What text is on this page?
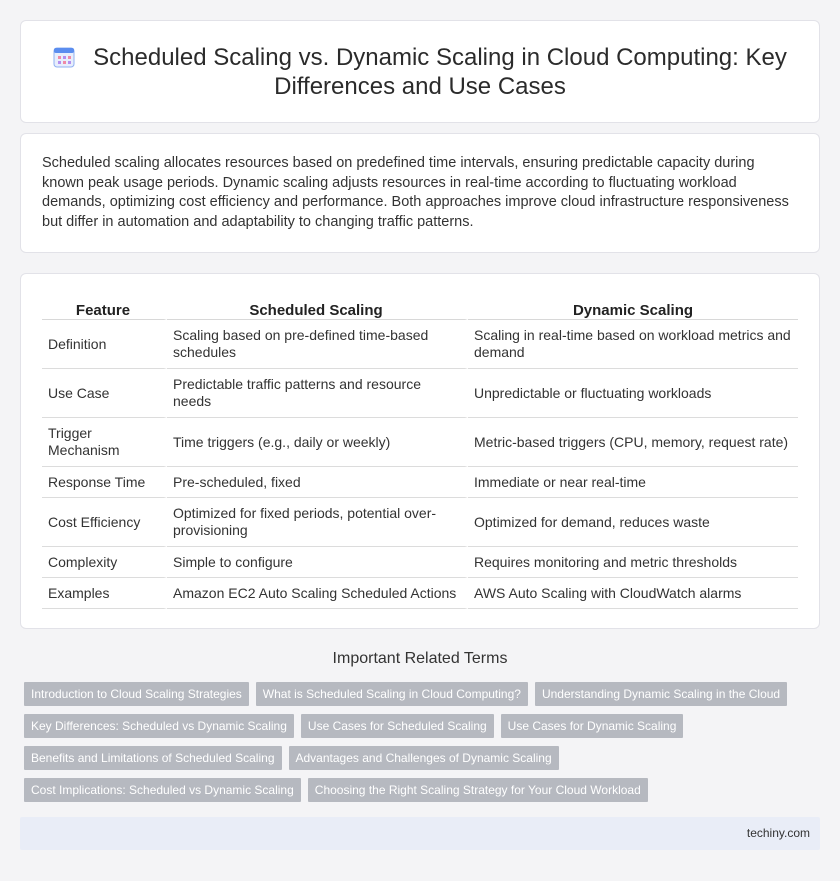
Scheduled Scaling vs. Dynamic Scaling in Cloud Computing: Key Differences and Use Cases

Scheduled scaling allocates resources based on predefined time intervals, ensuring predictable capacity during known peak usage periods. Dynamic scaling adjusts resources in real-time according to fluctuating workload demands, optimizing cost efficiency and performance. Both approaches improve cloud infrastructure responsiveness but differ in automation and adaptability to changing traffic patterns.

Feature	Scheduled Scaling	Dynamic Scaling
Definition	Scaling based on pre-defined time-based schedules	Scaling in real-time based on workload metrics and demand
Use Case	Predictable traffic patterns and resource needs	Unpredictable or fluctuating workloads
Trigger Mechanism	Time triggers (e.g., daily or weekly)	Metric-based triggers (CPU, memory, request rate)
Response Time	Pre-scheduled, fixed	Immediate or near real-time
Cost Efficiency	Optimized for fixed periods, potential over-provisioning	Optimized for demand, reduces waste
Complexity	Simple to configure	Requires monitoring and metric thresholds
Examples	Amazon EC2 Auto Scaling Scheduled Actions	AWS Auto Scaling with CloudWatch alarms
Important Related Terms
Introduction to Cloud Scaling Strategies	What is Scheduled Scaling in Cloud Computing?	Understanding Dynamic Scaling in the Cloud
Key Differences: Scheduled vs Dynamic Scaling	Use Cases for Scheduled Scaling	Use Cases for Dynamic Scaling
Benefits and Limitations of Scheduled Scaling	Advantages and Challenges of Dynamic Scaling
Cost Implications: Scheduled vs Dynamic Scaling	Choosing the Right Scaling Strategy for Your Cloud Workload
techiny.com
